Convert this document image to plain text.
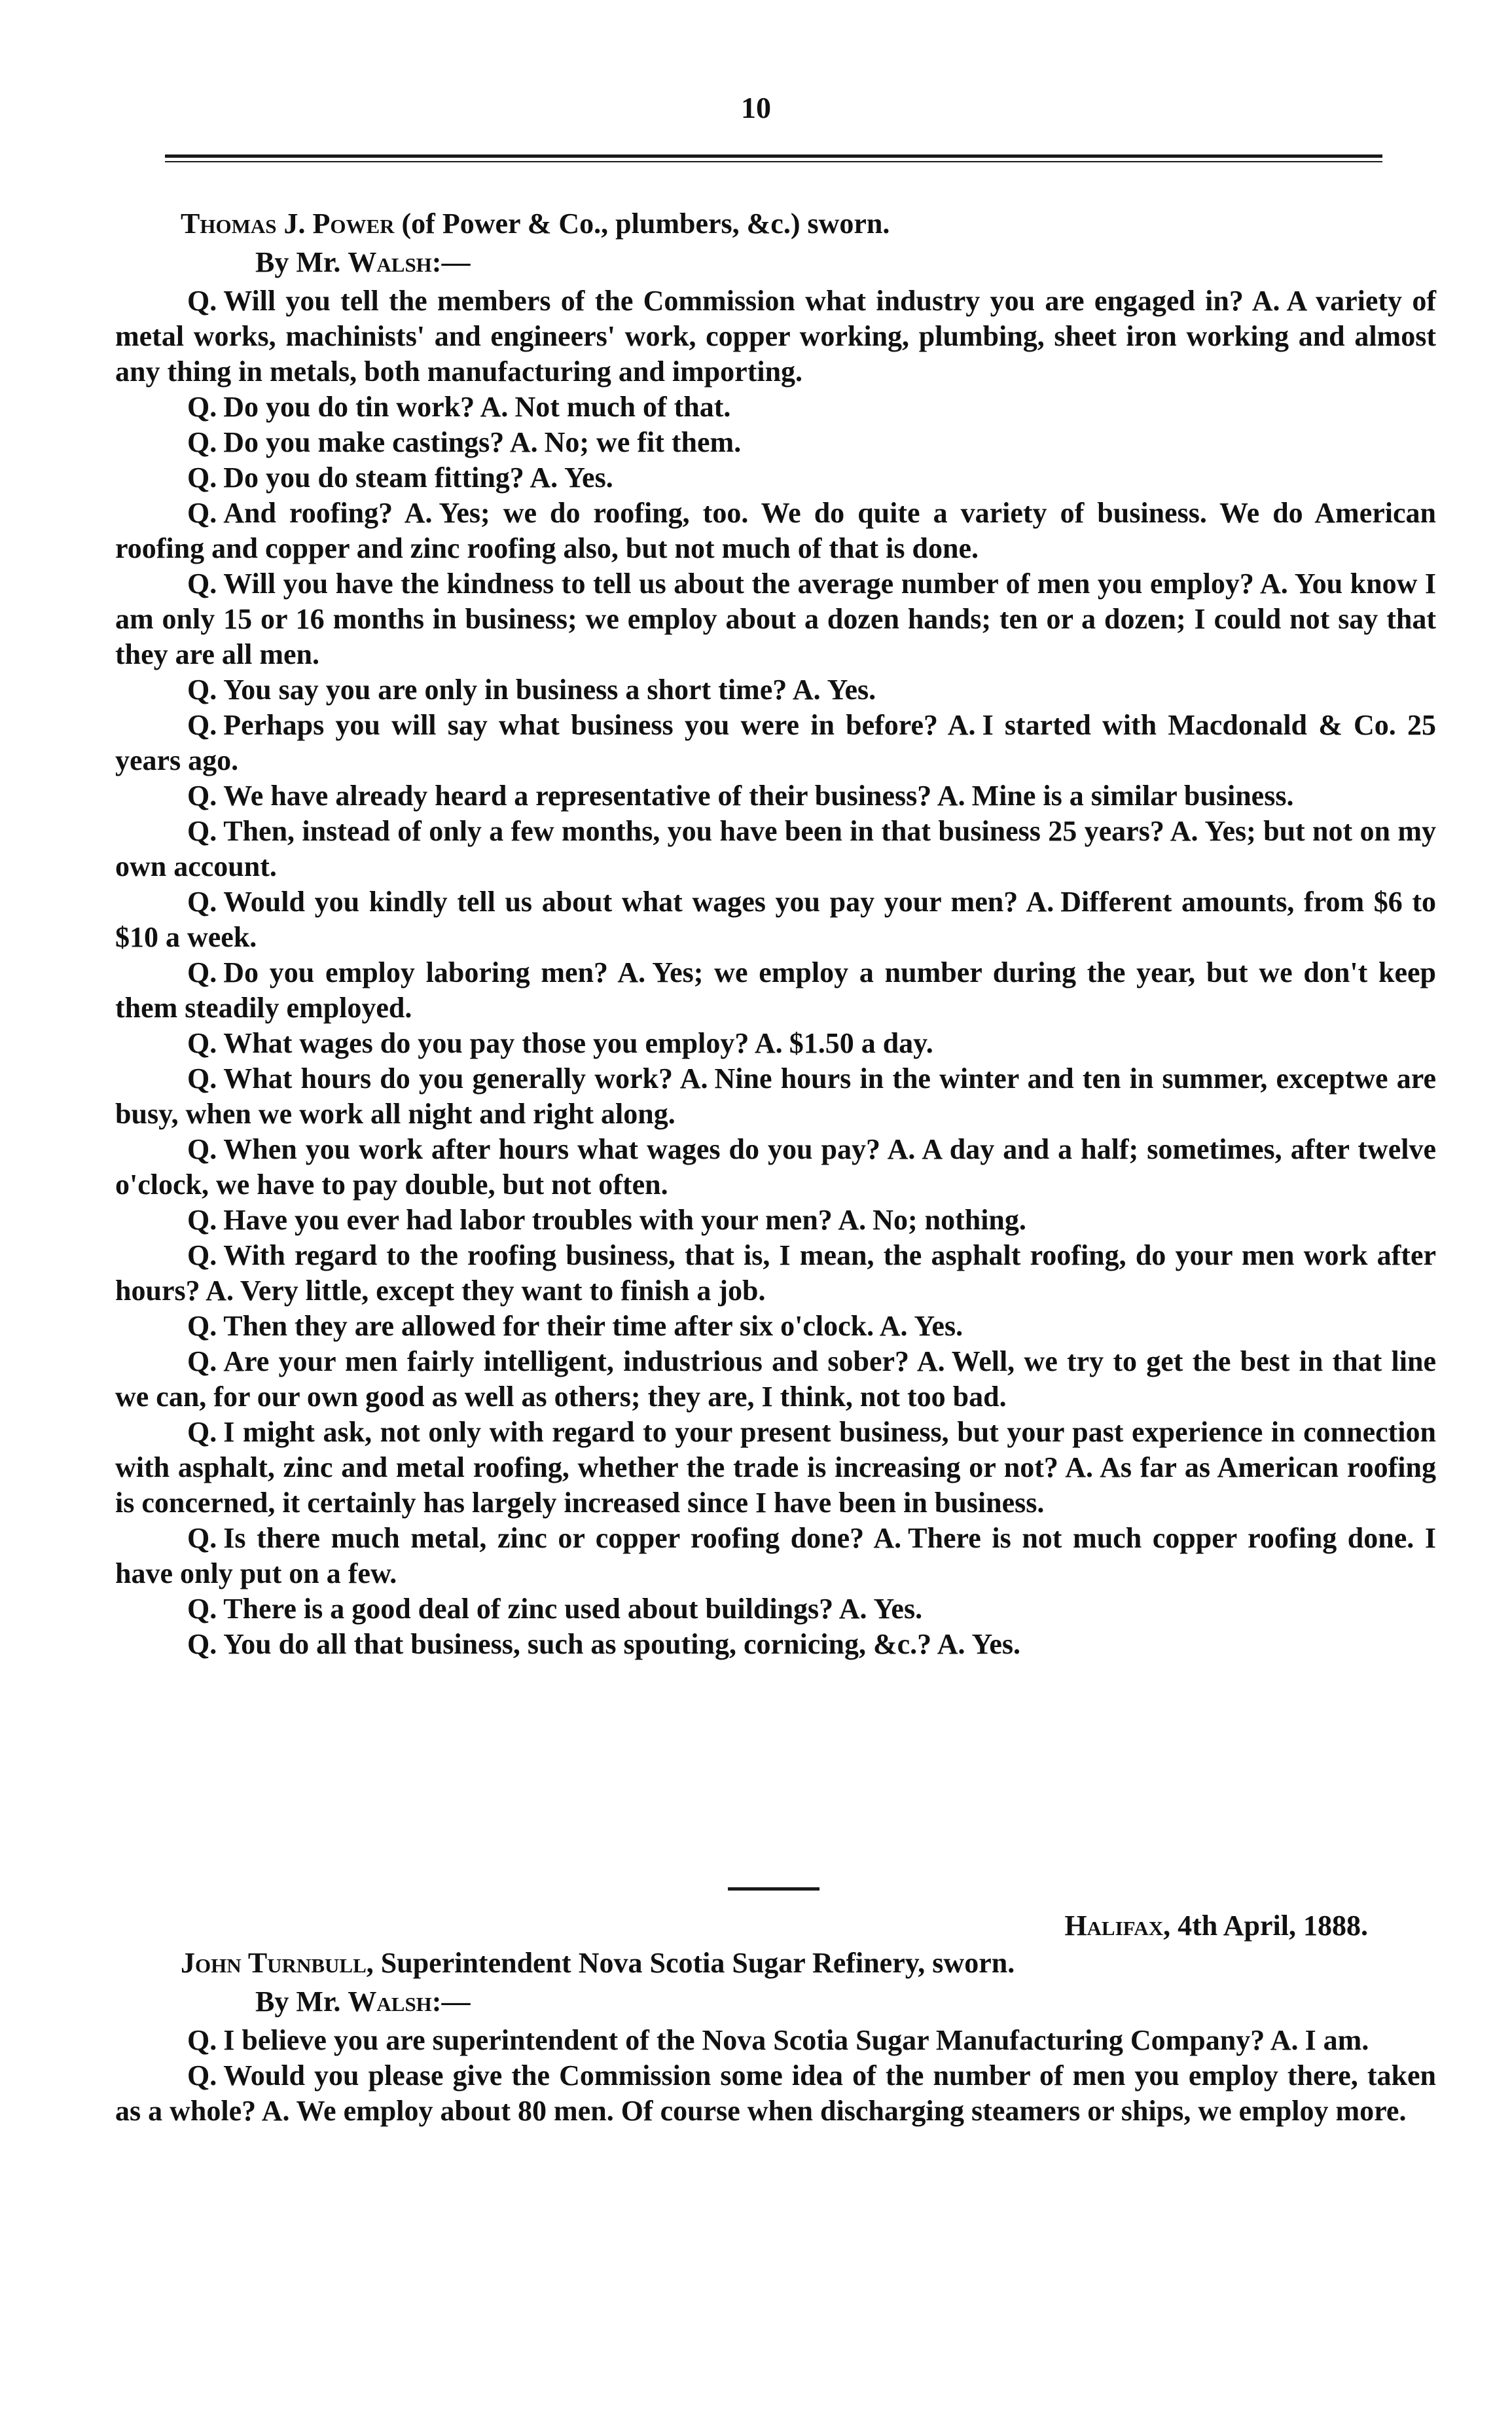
10
Thomas J. Power (of Power & Co., plumbers, &c.) sworn.
By Mr. Walsh:—

Q. Will you tell the members of the Commission what industry you are engaged in? A. A variety of metal works, machinists' and engineers' work, copper working, plumbing, sheet iron working and almost any thing in metals, both manufacturing and importing.

Q. Do you do tin work? A. Not much of that.

Q. Do you make castings? A. No; we fit them.

Q. Do you do steam fitting? A. Yes.

Q. And roofing? A. Yes; we do roofing, too. We do quite a variety of business. We do American roofing and copper and zinc roofing also, but not much of that is done.

Q. Will you have the kindness to tell us about the average number of men you employ? A. You know I am only 15 or 16 months in business; we employ about a dozen hands; ten or a dozen; I could not say that they are all men.

Q. You say you are only in business a short time? A. Yes.

Q. Perhaps you will say what business you were in before? A. I started with Macdonald & Co. 25 years ago.

Q. We have already heard a representative of their business? A. Mine is a similar business.

Q. Then, instead of only a few months, you have been in that business 25 years? A. Yes; but not on my own account.

Q. Would you kindly tell us about what wages you pay your men? A. Different amounts, from $6 to $10 a week.

Q. Do you employ laboring men? A. Yes; we employ a number during the year, but we don't keep them steadily employed.

Q. What wages do you pay those you employ? A. $1.50 a day.

Q. What hours do you generally work? A. Nine hours in the winter and ten in summer, exceptwe are busy, when we work all night and right along.

Q. When you work after hours what wages do you pay? A. A day and a half; sometimes, after twelve o'clock, we have to pay double, but not often.

Q. Have you ever had labor troubles with your men? A. No; nothing.

Q. With regard to the roofing business, that is, I mean, the asphalt roofing, do your men work after hours? A. Very little, except they want to finish a job.

Q. Then they are allowed for their time after six o'clock. A. Yes.

Q. Are your men fairly intelligent, industrious and sober? A. Well, we try to get the best in that line we can, for our own good as well as others; they are, I think, not too bad.

Q. I might ask, not only with regard to your present business, but your past experience in connection with asphalt, zinc and metal roofing, whether the trade is increasing or not? A. As far as American roofing is concerned, it certainly has largely increased since I have been in business.

Q. Is there much metal, zinc or copper roofing done? A. There is not much copper roofing done. I have only put on a few.

Q. There is a good deal of zinc used about buildings? A. Yes.

Q. You do all that business, such as spouting, cornicing, &c.? A. Yes.

Halifax, 4th April, 1888.
John Turnbull, Superintendent Nova Scotia Sugar Refinery, sworn.
By Mr. Walsh:—

Q. I believe you are superintendent of the Nova Scotia Sugar Manufacturing Company? A. I am.

Q. Would you please give the Commission some idea of the number of men you employ there, taken as a whole? A. We employ about 80 men. Of course when discharging steamers or ships, we employ more.
